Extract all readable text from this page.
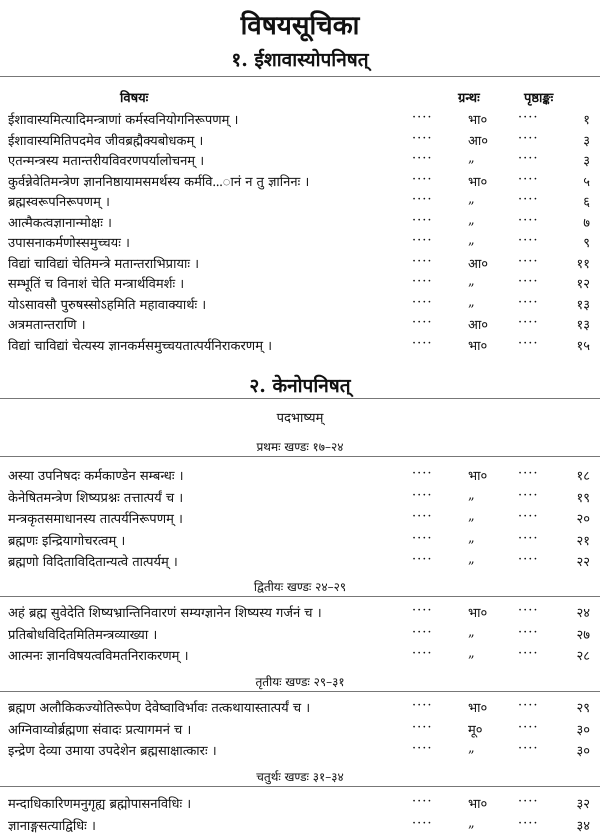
विषयसूचिका
१. ईशावास्योपनिषत्
विषयः	ग्रन्थः	पृष्ठाङ्कः
ईशावास्यमित्यादिमन्त्राणां कर्मस्वनियोगनिरूपणम् ।	····	भा० ····	१
ईशावास्यमितिपदमेव जीवब्रह्मैक्यबोधकम् ।	····	आ० ····	३
एतन्मन्त्रस्य मतान्तरीयविवरणपर्यालोचनम् ।	····	„	····	३
कुर्वन्नेवेतिमन्त्रेण ज्ञाननिष्ठायामसमर्थस्य कर्मवि…ानं न तु ज्ञानिनः ।	····	भा० ····	५
ब्रह्मस्वरूपनिरूपणम् ।	····	„	····	६
आत्मैकत्वज्ञानान्मोक्षः ।	····	„	····	७
उपासनाकर्मणोस्समुच्चयः ।	····	„	····	९
विद्यां चाविद्यां चेतिमन्त्रे मतान्तराभिप्रायाः ।	····	आ० ····	११
सम्भूतिं च विनाशं चेति मन्त्रार्थविमर्शः ।	····	„	····	१२
योऽसावसौ पुरुषस्सोऽहमिति महावाक्यार्थः ।	····	„	····	१३
अत्रमतान्तराणि ।	····	आ० ····	१३
विद्यां चाविद्यां चेत्यस्य ज्ञानकर्मसमुच्चयतात्पर्यनिराकरणम् ।	····	भा० ····	१५
२. केनोपनिषत्
पदभाष्यम्
प्रथमः खण्डः १७–२४
अस्या उपनिषदः कर्मकाण्डेन सम्बन्धः ।	····	भा० ····	१८
केनेषितमन्त्रेण शिष्यप्रश्नः तत्तात्पर्यं च ।	····	„	····	१९
मन्त्रकृतसमाधानस्य तात्पर्यनिरूपणम् ।	····	„	····	२०
ब्रह्मणः इन्द्रियागोचरत्वम् ।	····	„	····	२१
ब्रह्मणो विदिताविदितान्यत्वे तात्पर्यम् ।	····	„	····	२२
द्वितीयः खण्डः २४–२९
अहं ब्रह्म सुवेदेति शिष्यभ्रान्तिनिवारणं सम्यग्ज्ञानेन शिष्यस्य गर्जनं च ।	····	भा० ····	२४
प्रतिबोधविदितमितिमन्त्रव्याख्या ।	····	„	····	२७
आत्मनः ज्ञानविषयत्वविमतनिराकरणम् ।	····	„	····	२८
तृतीयः खण्डः २९–३१
ब्रह्मण अलौकिकज्योतिरूपेण देवेष्वाविर्भावः तत्कथायास्तात्पर्यं च ।	····	भा० ····	२९
अग्निवाय्वोर्ब्रह्मणा संवादः प्रत्यागमनं च ।	····	मू०	····	३०
इन्द्रेण देव्या उमाया उपदेशेन ब्रह्मसाक्षात्कारः ।	····	„	····	३०
चतुर्थः खण्डः ३१–३४
मन्दाधिकारिणमनुगृह्य ब्रह्मोपासनविधिः ।	····	भा० ····	३२
ज्ञानाङ्गसत्याद्विधिः ।	····	„	····	३४
